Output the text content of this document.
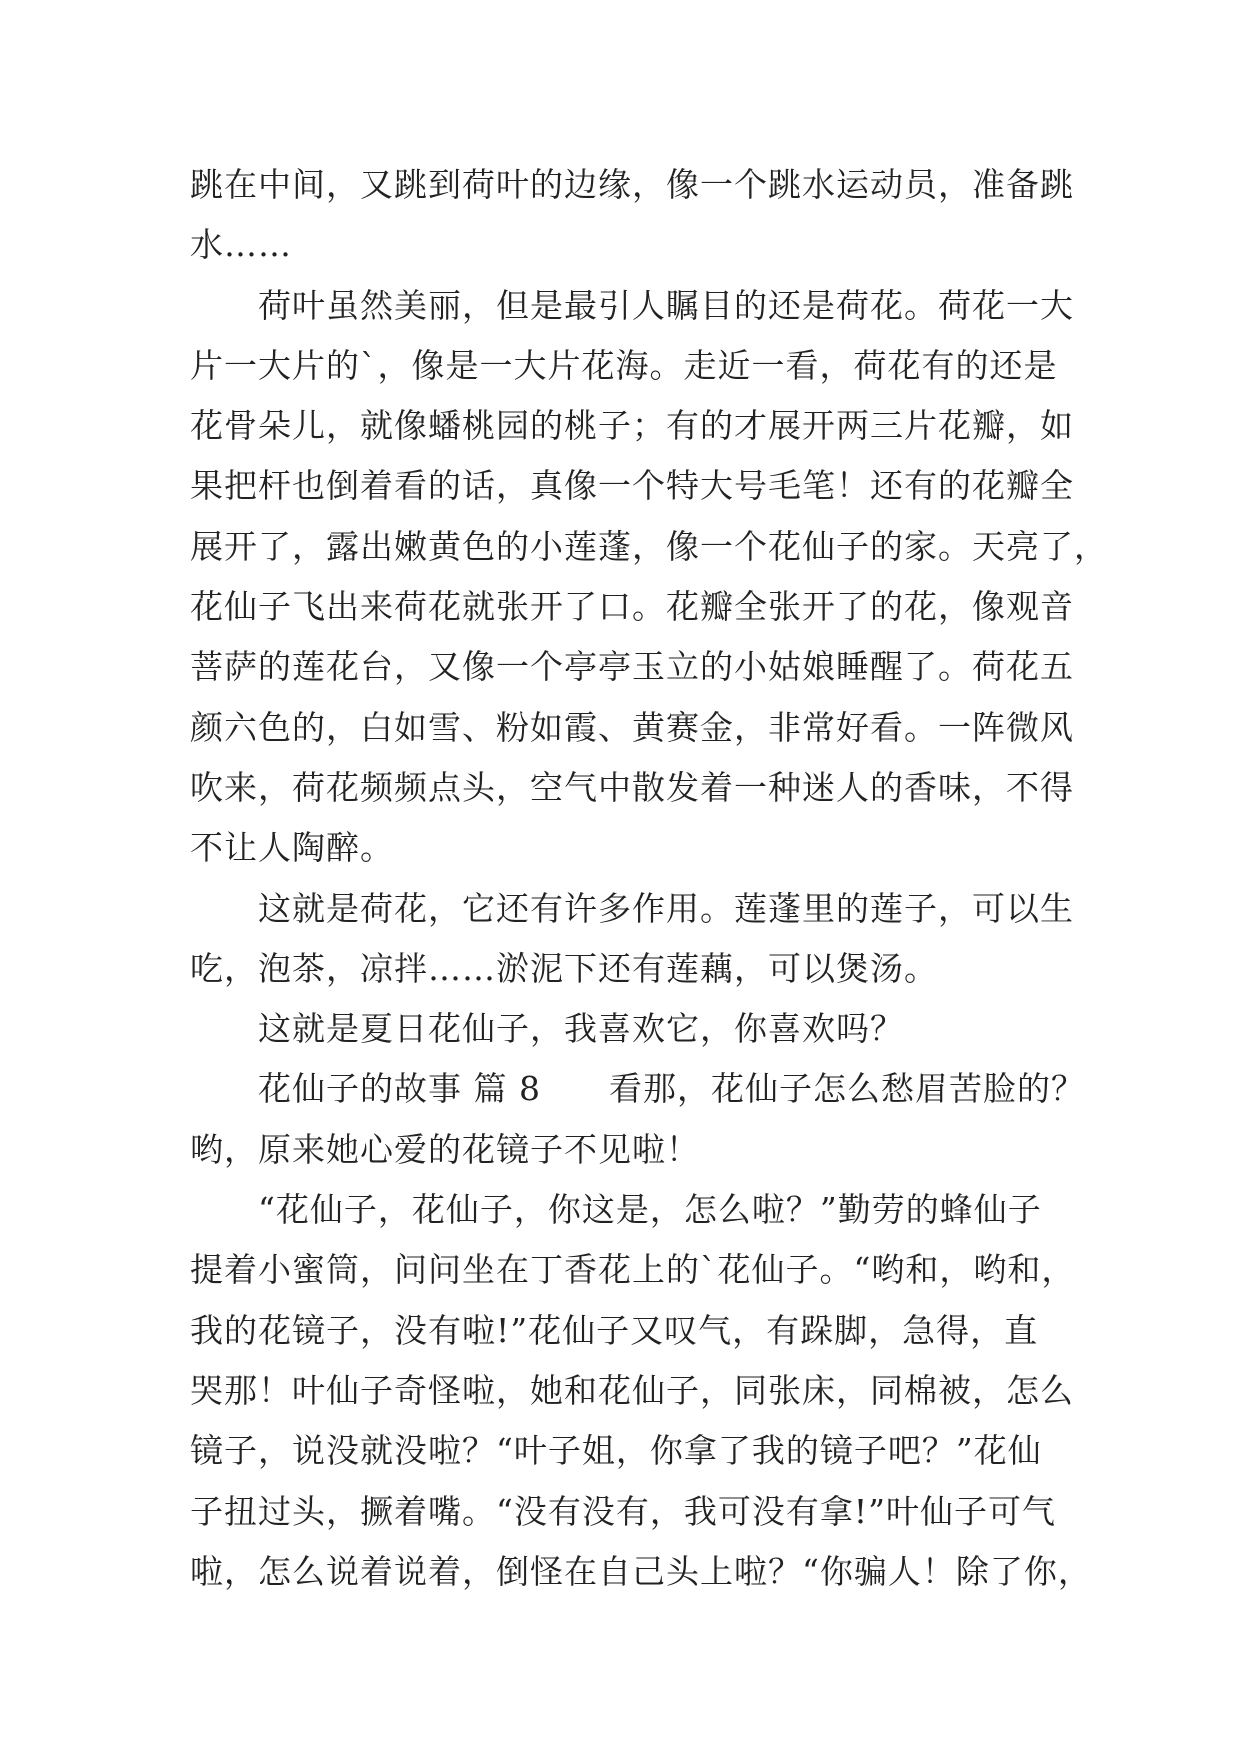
跳在中间，又跳到荷叶的边缘，像一个跳水运动员，准备跳
水……
　　荷叶虽然美丽，但是最引人瞩目的还是荷花。荷花一大
片一大片的`，像是一大片花海。走近一看，荷花有的还是
花骨朵儿，就像蟠桃园的桃子；有的才展开两三片花瓣，如
果把杆也倒着看的话，真像一个特大号毛笔！还有的花瓣全
展开了，露出嫩黄色的小莲蓬，像一个花仙子的家。天亮了，
花仙子飞出来荷花就张开了口。花瓣全张开了的花，像观音
菩萨的莲花台，又像一个亭亭玉立的小姑娘睡醒了。荷花五
颜六色的，白如雪、粉如霞、黄赛金，非常好看。一阵微风
吹来，荷花频频点头，空气中散发着一种迷人的香味，不得
不让人陶醉。
　　这就是荷花，它还有许多作用。莲蓬里的莲子，可以生
吃，泡茶，凉拌……淤泥下还有莲藕，可以煲汤。
　　这就是夏日花仙子，我喜欢它，你喜欢吗？
　　花仙子的故事 篇 8　　看那，花仙子怎么愁眉苦脸的？
哟，原来她心爱的花镜子不见啦！
　　“花仙子，花仙子，你这是，怎么啦？”勤劳的蜂仙子
提着小蜜筒，问问坐在丁香花上的`花仙子。“哟和，哟和，
我的花镜子，没有啦!”花仙子又叹气，有跺脚，急得，直
哭那！叶仙子奇怪啦，她和花仙子，同张床，同棉被，怎么
镜子，说没就没啦？“叶子姐，你拿了我的镜子吧？”花仙
子扭过头，撅着嘴。“没有没有，我可没有拿!”叶仙子可气
啦，怎么说着说着，倒怪在自己头上啦？“你骗人！除了你，
